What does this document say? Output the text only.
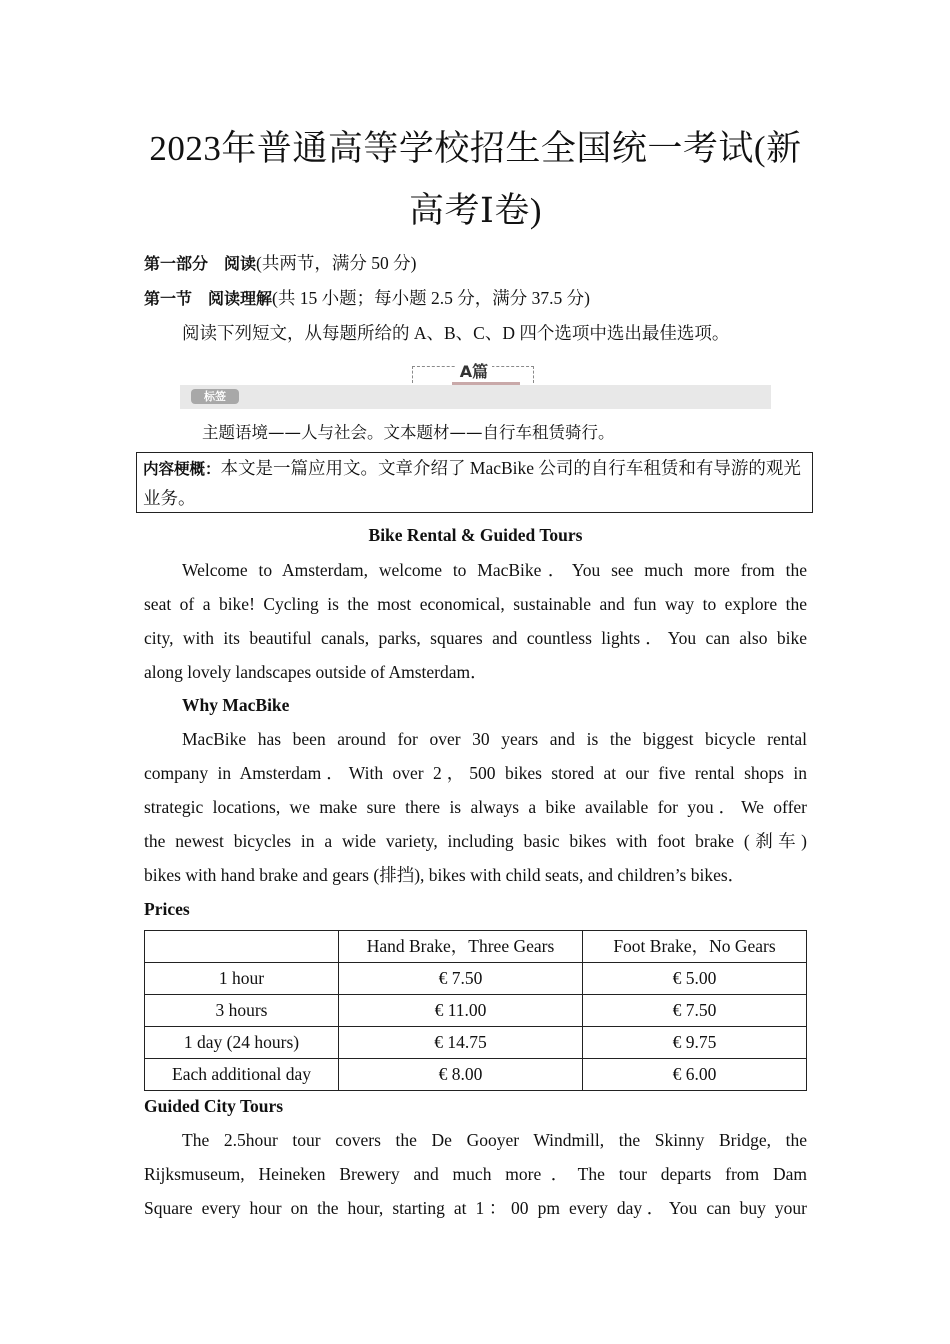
2023年普通高等学校招生全国统一考试(新高考Ⅰ卷)
第一部分　阅读(共两节，满分 50 分)
第一节　阅读理解(共 15 小题；每小题 2.5 分，满分 37.5 分)
阅读下列短文，从每题所给的 A、B、C、D 四个选项中选出最佳选项。
A篇
标签
主题语境——人与社会。文本题材——自行车租赁骑行。
内容梗概：本文是一篇应用文。文章介绍了 MacBike 公司的自行车租赁和有导游的观光业务。
Bike Rental & Guided Tours
Welcome to Amsterdam, welcome to MacBike．You see much more from the
seat of a bike! Cycling is the most economical, sustainable and fun way to explore the
city, with its beautiful canals, parks, squares and countless lights．You can also bike
along lovely landscapes outside of Amsterdam．
Why MacBike
MacBike has been around for over 30 years and is the biggest bicycle rental
company in Amsterdam．With over 2，500 bikes stored at our five rental shops in
strategic locations, we make sure there is always a bike available for you．We offer
the newest bicycles in a wide variety, including basic bikes with foot brake (刹车)
bikes with hand brake and gears (排挡), bikes with child seats, and children’s bikes．
Prices
	Hand Brake，Three Gears	Foot Brake，No Gears
1 hour	€ 7.50	€ 5.00
3 hours	€ 11.00	€ 7.50
1 day (24 hours)	€ 14.75	€ 9.75
Each additional day	€ 8.00	€ 6.00
Guided City Tours
The 2.5hour tour covers the De Gooyer Windmill, the Skinny Bridge, the
Rijksmuseum, Heineken Brewery and much more．The tour departs from Dam
Square every hour on the hour, starting at 1：00 pm every day．You can buy your
